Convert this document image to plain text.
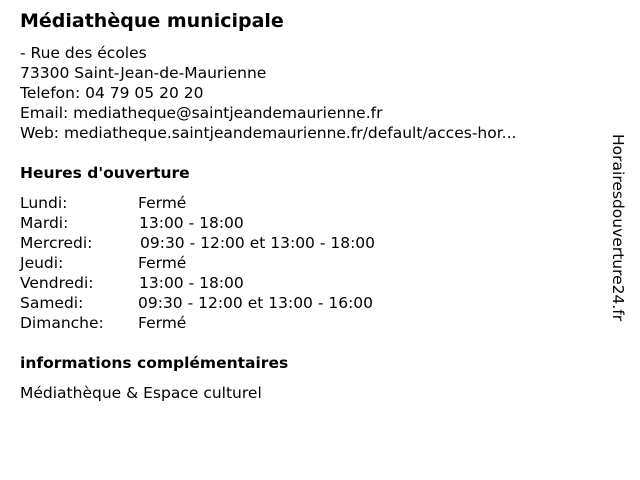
Médiathèque municipale
- Rue des écoles
73300 Saint-Jean-de-Maurienne
Telefon: 04 79 05 20 20
Email: mediatheque@saintjeandemaurienne.fr
Web: mediatheque.saintjeandemaurienne.fr/default/acces-hor...
Heures d'ouverture
Lundi:	Fermé
Mardi:	13:00 - 18:00
Mercredi:	09:30 - 12:00 et 13:00 - 18:00
Jeudi:	Fermé
Vendredi:	13:00 - 18:00
Samedi:	09:30 - 12:00 et 13:00 - 16:00
Dimanche: Fermé
informations complémentaires
Médiathèque & Espace culturel
Horairesdouverture24.fr
